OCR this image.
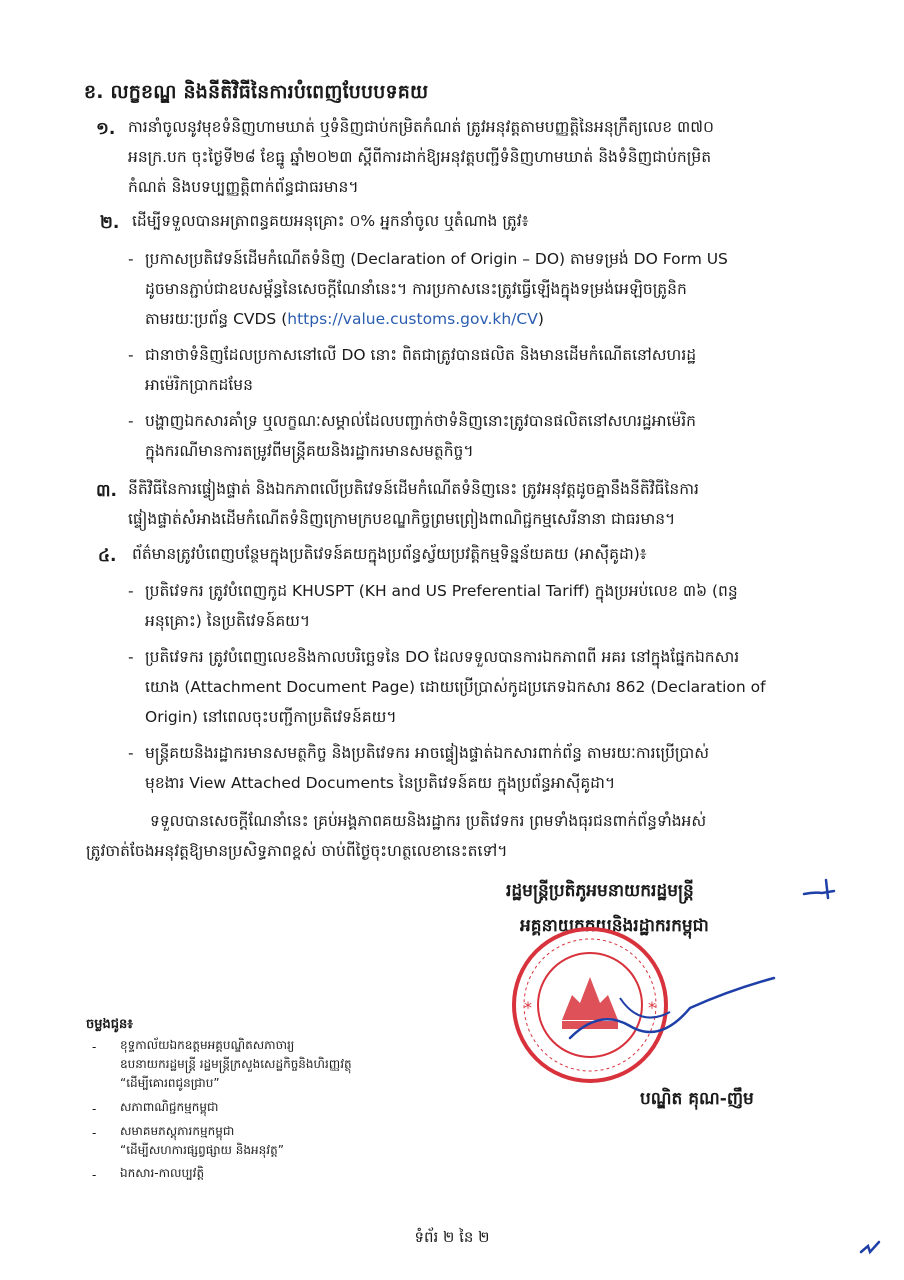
ខ. លក្ខខណ្ឌ និងនីតិវិធីនៃការបំពេញបែបបទគយ
១. ការនាំចូលនូវមុខទំនិញហាមឃាត់ ឬទំនិញជាប់កម្រិតកំណត់ ត្រូវអនុវត្តតាមបញ្ញត្តិនៃអនុក្រឹត្យលេខ ៣៧០
អនក្រ.បក ចុះថ្ងៃទី២៨ ខែធ្នូ ឆ្នាំ២០២៣ ស្តីពីការដាក់ឱ្យអនុវត្តបញ្ជីទំនិញហាមឃាត់ និងទំនិញជាប់កម្រិត
កំណត់ និងបទប្បញ្ញត្តិពាក់ព័ន្ធជាធរមាន។
២. ដើម្បីទទួលបានអត្រាពន្ធគយអនុគ្រោះ ០% អ្នកនាំចូល ឬតំណាង ត្រូវ៖
- ប្រកាសប្រតិវេទន៍ដើមកំណើតទំនិញ (Declaration of Origin – DO) តាមទម្រង់ DO Form US
ដូចមានភ្ជាប់ជាឧបសម្ព័ន្ធនៃសេចក្តីណែនាំនេះ។ ការប្រកាសនេះត្រូវធ្វើឡើងក្នុងទម្រង់អេឡិចត្រូនិក
តាមរយៈប្រព័ន្ធ CVDS (https://value.customs.gov.kh/CV)
- ជានាថាទំនិញដែលប្រកាសនៅលើ DO នោះ ពិតជាត្រូវបានផលិត និងមានដើមកំណើតនៅសហរដ្ឋ
អាម៉េរិកប្រាកដមែន
- បង្ហាញឯកសារគាំទ្រ ឬលក្ខណៈសម្គាល់ដែលបញ្ជាក់ថាទំនិញនោះត្រូវបានផលិតនៅសហរដ្ឋអាម៉េរិក
ក្នុងករណីមានការតម្រូវពីមន្ត្រីគយនិងរដ្ឋាករមានសមត្ថកិច្ច។
៣. នីតិវិធីនៃការផ្ទៀងផ្ទាត់ និងឯកភាពលើប្រតិវេទន៍ដើមកំណើតទំនិញនេះ ត្រូវអនុវត្តដូចគ្នានឹងនីតិវិធីនៃការ
ផ្ទៀងផ្ទាត់សំអាងដើមកំណើតទំនិញក្រោមក្របខណ្ឌកិច្ចព្រមព្រៀងពាណិជ្ជកម្មសេរីនានា ជាធរមាន។
៤. ព័ត៌មានត្រូវបំពេញបន្ថែមក្នុងប្រតិវេទន៍គយក្នុងប្រព័ន្ធស្វ័យប្រវត្តិកម្មទិន្នន័យគយ (អាស៊ីគូដា)៖
- ប្រតិវេទករ ត្រូវបំពេញកូដ KHUSPT (KH and US Preferential Tariff) ក្នុងប្រអប់លេខ ៣៦ (ពន្ធ
អនុគ្រោះ) នៃប្រតិវេទន៍គយ។
- ប្រតិវេទករ ត្រូវបំពេញលេខនិងកាលបរិច្ឆេទនៃ DO ដែលទទួលបានការឯកភាពពី អគរ នៅក្នុងផ្នែកឯកសារ
យោង (Attachment Document Page) ដោយប្រើប្រាស់កូដប្រភេទឯកសារ 862 (Declaration of
Origin) នៅពេលចុះបញ្ជីកាប្រតិវេទន៍គយ។
- មន្ត្រីគយនិងរដ្ឋាករមានសមត្ថកិច្ច និងប្រតិវេទករ អាចផ្ទៀងផ្ទាត់ឯកសារពាក់ព័ន្ធ តាមរយៈការប្រើប្រាស់
មុខងារ View Attached Documents នៃប្រតិវេទន៍គយ ក្នុងប្រព័ន្ធអាស៊ីគូដា។
ទទួលបានសេចក្តីណែនាំនេះ គ្រប់អង្គភាពគយនិងរដ្ឋាករ ប្រតិវេទករ ព្រមទាំងធុរជនពាក់ព័ន្ធទាំងអស់
ត្រូវចាត់ចែងអនុវត្តឱ្យមានប្រសិទ្ធភាពខ្ពស់ ចាប់ពីថ្ងៃចុះហត្ថលេខានេះតទៅ។
រដ្ឋមន្ត្រីប្រតិភូអមនាយករដ្ឋមន្ត្រី
អគ្គនាយកគយនិងរដ្ឋាករកម្ពុជា
*	*
បណ្ឌិត គុណ-ញឹម
ចម្លងជូន៖
- ខុទ្ទកាល័យឯកឧត្តមអគ្គបណ្ឌិតសភាចារ្យ
ឧបនាយករដ្ឋមន្ត្រី រដ្ឋមន្ត្រីក្រសួងសេដ្ឋកិច្ចនិងហិរញ្ញវត្ថុ
“ដើម្បីគោរពជូនជ្រាប”
- សភាពាណិជ្ជកម្មកម្ពុជា
- សមាគមភស្តុភារកម្មកម្ពុជា
“ដើម្បីសហការផ្សព្វផ្សាយ និងអនុវត្ត”
- ឯកសារ-កាលប្បវត្តិ
ទំព័រ ២ នៃ ២
